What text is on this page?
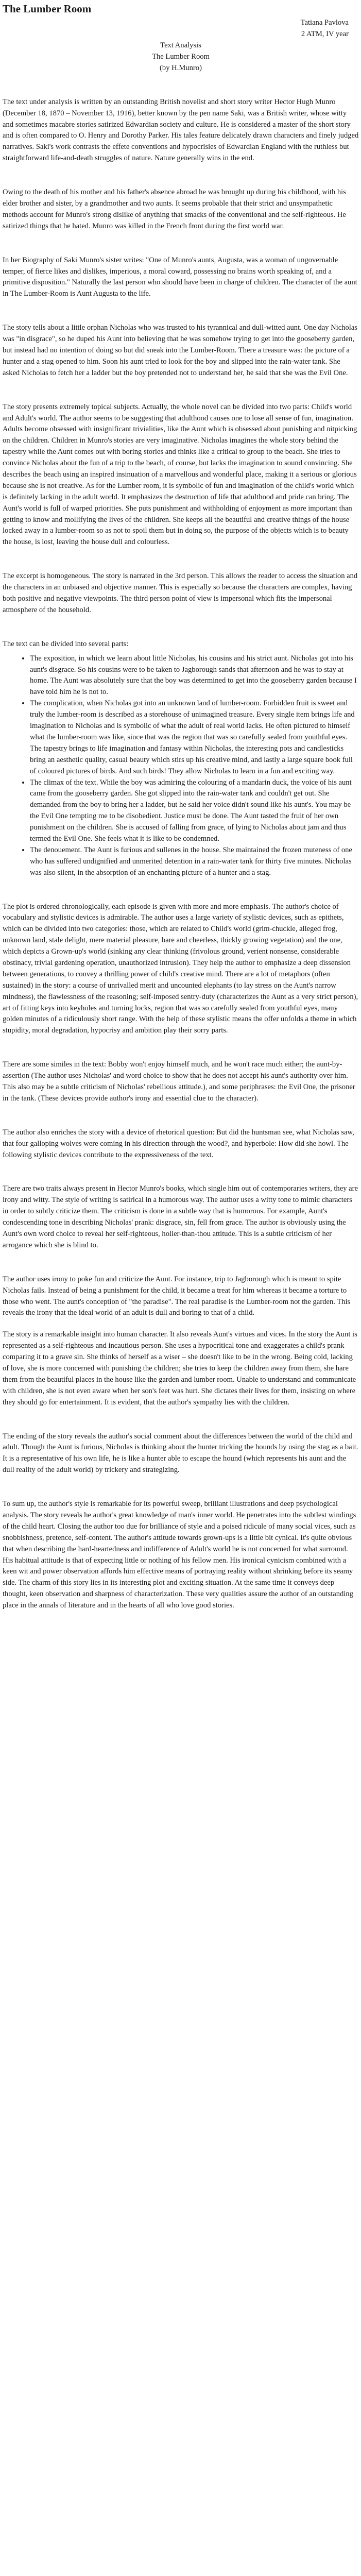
The Lumber Room
Tatiana Pavlova
2 ATM, IV year
Text Analysis
The Lumber Room
(by H.Munro)

The text under analysis is written by an outstanding British novelist and short story writer Hector Hugh Munro (December 18, 1870 – November 13, 1916), better known by the pen name Saki, was a British writer, whose witty and sometimes macabre stories satirized Edwardian society and culture. He is considered a master of the short story and is often compared to O. Henry and Dorothy Parker. His tales feature delicately drawn characters and finely judged narratives. Saki's work contrasts the effete conventions and hypocrisies of Edwardian England with the ruthless but straightforward life-and-death struggles of nature. Nature generally wins in the end.

Owing to the death of his mother and his father's absence abroad he was brought up during his childhood, with his elder brother and sister, by a grandmother and two aunts. It seems probable that their strict and unsympathetic methods account for Munro's strong dislike of anything that smacks of the conventional and the self-righteous. He satirized things that he hated. Munro was killed in the French front during the first world war.

In her Biography of Saki Munro's sister writes: "One of Munro's aunts, Augusta, was a woman of ungovernable temper, of fierce likes and dislikes, imperious, a moral coward, possessing no brains worth speaking of, and a primitive disposition." Naturally the last person who should have been in charge of children. The character of the aunt in The Lumber-Room is Aunt Augusta to the life.

The story tells about a little orphan Nicholas who was trusted to his tyrannical and dull-witted aunt. One day Nicholas was "in disgrace", so he duped his Aunt into believing that he was somehow trying to get into the gooseberry garden, but instead had no intention of doing so but did sneak into the Lumber-Room. There a treasure was: the picture of a hunter and a stag opened to him. Soon his aunt tried to look for the boy and slipped into the rain-water tank. She asked Nicholas to fetch her a ladder but the boy pretended not to understand her, he said that she was the Evil One.

The story presents extremely topical subjects. Actually, the whole novel can be divided into two parts: Child's world and Adult's world. The author seems to be suggesting that adulthood causes one to lose all sense of fun, imagination. Adults become obsessed with insignificant trivialities, like the Aunt which is obsessed about punishing and nitpicking on the children. Children in Munro's stories are very imaginative. Nicholas imagines the whole story behind the tapestry while the Aunt comes out with boring stories and thinks like a critical to group to the beach. She tries to convince Nicholas about the fun of a trip to the beach, of course, but lacks the imagination to sound convincing. She describes the beach using an inspired insinuation of a marvellous and wonderful place, making it a serious or glorious because she is not creative. As for the Lumber room, it is symbolic of fun and imagination of the child's world which is definitely lacking in the adult world. It emphasizes the destruction of life that adulthood and pride can bring. The Aunt's world is full of warped priorities. She puts punishment and withholding of enjoyment as more important than getting to know and mollifying the lives of the children. She keeps all the beautiful and creative things of the house locked away in a lumber-room so as not to spoil them but in doing so, the purpose of the objects which is to beauty the house, is lost, leaving the house dull and colourless.

The excerpt is homogeneous. The story is narrated in the 3rd person. This allows the reader to access the situation and the characters in an unbiased and objective manner. This is especially so because the characters are complex, having both positive and negative viewpoints. The third person point of view is impersonal which fits the impersonal atmosphere of the household.

The text can be divided into several parts:

• The exposition, in which we learn about little Nicholas, his cousins and his strict aunt. Nicholas got into his aunt's disgrace. So his cousins were to be taken to Jagborough sands that afternoon and he was to stay at home. The Aunt was absolutely sure that the boy was determined to get into the gooseberry garden because I have told him he is not to.
• The complication, when Nicholas got into an unknown land of lumber-room. Forbidden fruit is sweet and truly the lumber-room is described as a storehouse of unimagined treasure. Every single item brings life and imagination to Nicholas and is symbolic of what the adult of real world lacks. He often pictured to himself what the lumber-room was like, since that was the region that was so carefully sealed from youthful eyes. The tapestry brings to life imagination and fantasy within Nicholas, the interesting pots and candlesticks bring an aesthetic quality, casual beauty which stirs up his creative mind, and lastly a large square book full of coloured pictures of birds. And such birds! They allow Nicholas to learn in a fun and exciting way.
• The climax of the text. While the boy was admiring the colouring of a mandarin duck, the voice of his aunt came from the gooseberry garden. She got slipped into the rain-water tank and couldn't get out. She demanded from the boy to bring her a ladder, but he said her voice didn't sound like his aunt's. You may be the Evil One tempting me to be disobedient. Justice must be done. The Aunt tasted the fruit of her own punishment on the children. She is accused of falling from grace, of lying to Nicholas about jam and thus termed the Evil One. She feels what it is like to be condemned.
• The denouement. The Aunt is furious and sullenes in the house. She maintained the frozen muteness of one who has suffered undignified and unmerited detention in a rain-water tank for thirty five minutes. Nicholas was also silent, in the absorption of an enchanting picture of a hunter and a stag.

The plot is ordered chronologically, each episode is given with more and more emphasis. The author's choice of vocabulary and stylistic devices is admirable. The author uses a large variety of stylistic devices, such as epithets, which can be divided into two categories: those, which are related to Child's world (grim-chuckle, alleged frog, unknown land, stale delight, mere material pleasure, bare and cheerless, thickly growing vegetation) and the one, which depicts a Grown-up's world (sinking any clear thinking (frivolous ground, verient nonsense, considerable obstinacy, trivial gardening operation, unauthorized intrusion). They help the author to emphasize a deep dissension between generations, to convey a thrilling power of child's creative mind. There are a lot of metaphors (often sustained) in the story: a course of unrivalled merit and uncounted elephants (to lay stress on the Aunt's narrow mindness), the flawlessness of the reasoning; self-imposed sentry-duty (characterizes the Aunt as a very strict person), art of fitting keys into keyholes and turning locks, region that was so carefully sealed from youthful eyes, many golden minutes of a ridiculously short range. With the help of these stylistic means the offer unfolds a theme in which stupidity, moral degradation, hypocrisy and ambition play their sorry parts.

There are some similes in the text: Bobby won't enjoy himself much, and he won't race much either; the aunt-by-assertion (The author uses Nicholas' and word choice to show that he does not accept his aunt's authority over him. This also may be a subtle criticism of Nicholas' rebellious attitude.), and some periphrases: the Evil One, the prisoner in the tank. (These devices provide author's irony and essential clue to the character).

The author also enriches the story with a device of rhetorical question: But did the huntsman see, what Nicholas saw, that four galloping wolves were coming in his direction through the wood?, and hyperbole: How did she howl. The following stylistic devices contribute to the expressiveness of the text.

There are two traits always present in Hector Munro's books, which single him out of contemporaries writers, they are irony and witty. The style of writing is satirical in a humorous way. The author uses a witty tone to mimic characters in order to subtly criticize them. The criticism is done in a subtle way that is humorous. For example, Aunt's condescending tone in describing Nicholas' prank: disgrace, sin, fell from grace. The author is obviously using the Aunt's own word choice to reveal her self-righteous, holier-than-thou attitude. This is a subtle criticism of her arrogance which she is blind to.

The author uses irony to poke fun and criticize the Aunt. For instance, trip to Jagborough which is meant to spite Nicholas fails. Instead of being a punishment for the child, it became a treat for him whereas it became a torture to those who went. The aunt's conception of "the paradise". The real paradise is the Lumber-room not the garden. This reveals the irony that the ideal world of an adult is dull and boring to that of a child.

The story is a remarkable insight into human character. It also reveals Aunt's virtues and vices. In the story the Aunt is represented as a self-righteous and incautious person. She uses a hypocritical tone and exaggerates a child's prank comparing it to a grave sin. She thinks of herself as a wiser – she doesn't like to be in the wrong. Being cold, lacking of love, she is more concerned with punishing the children; she tries to keep the children away from them, she hare them from the beautiful places in the house like the garden and lumber room. Unable to understand and communicate with children, she is not even aware when her son's feet was hurt. She dictates their lives for them, insisting on where they should go for entertainment. It is evident, that the author's sympathy lies with the children.

The ending of the story reveals the author's social comment about the differences between the world of the child and adult. Though the Aunt is furious, Nicholas is thinking about the hunter tricking the hounds by using the stag as a bait. It is a representative of his own life, he is like a hunter able to escape the hound (which represents his aunt and the dull reality of the adult world) by trickery and strategizing.

To sum up, the author's style is remarkable for its powerful sweep, brilliant illustrations and deep psychological analysis. The story reveals he author's great knowledge of man's inner world. He penetrates into the subtlest windings of the child heart. Closing the author too due for brilliance of style and a poised ridicule of many social vices, such as snobbishness, pretence, self-content. The author's attitude towards grown-ups is a little bit cynical. It's quite obvious that when describing the hard-heartedness and indifference of Adult's world he is not concerned for what surround. His habitual attitude is that of expecting little or nothing of his fellow men. His ironical cynicism combined with a keen wit and power observation affords him effective means of portraying reality without shrinking before its seamy side. The charm of this story lies in its interesting plot and exciting situation. At the same time it conveys deep thought, keen observation and sharpness of characterization. These very qualities assure the author of an outstanding place in the annals of literature and in the hearts of all who love good stories.
